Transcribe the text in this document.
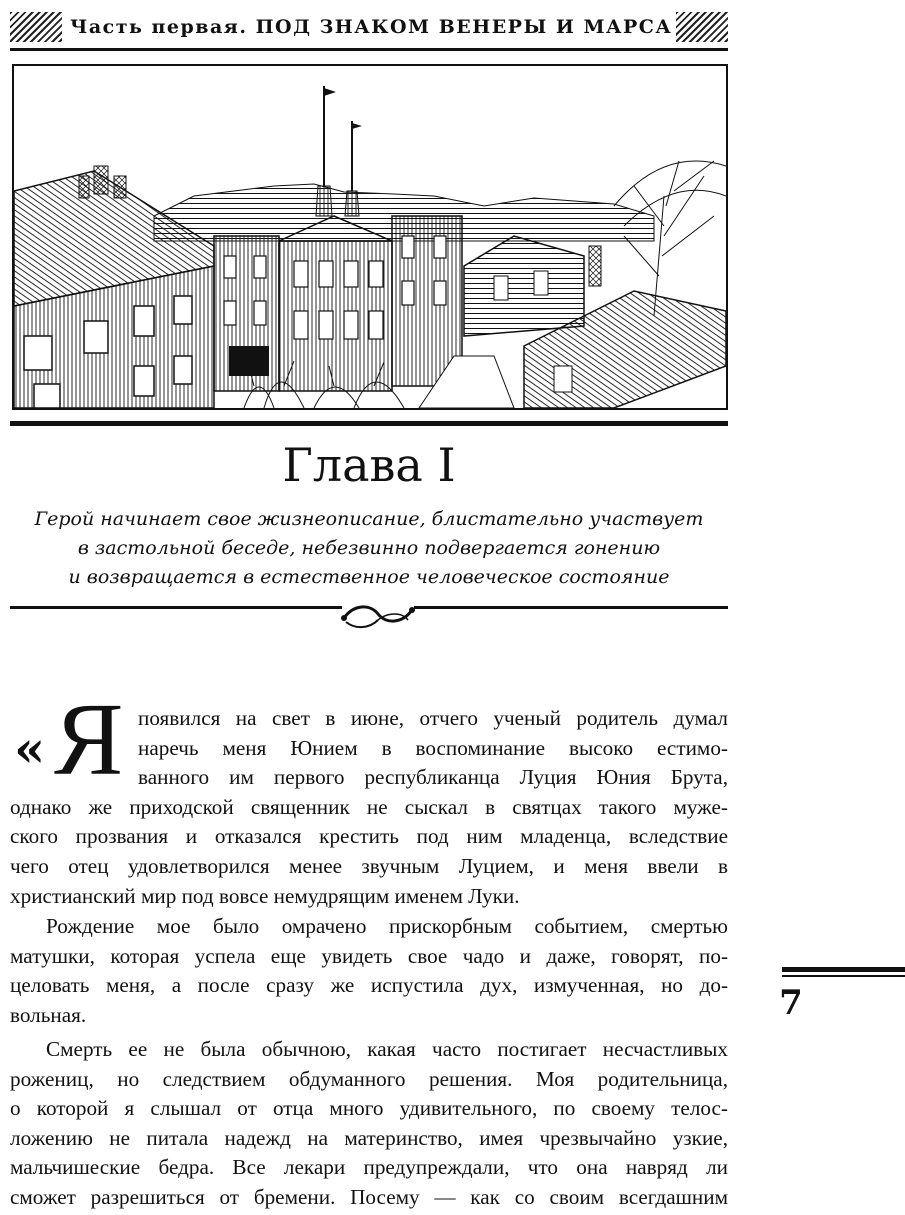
Часть первая. ПОД ЗНАКОМ ВЕНЕРЫ И МАРСА
Глава I
Герой начинает свое жизнеописание, блистательно участвует
в застольной беседе, небезвинно подвергается гонению
и возвращается в естественное человеческое состояние
« Я появился на свет в июне, отчего ученый родитель думал
наречь меня Юнием в воспоминание высоко естимо-
ванного им первого республиканца Луция Юния Брута,
однако же приходской священник не сыскал в святцах такого муже-
ского прозвания и отказался крестить под ним младенца, вследствие
чего отец удовлетворился менее звучным Луцием, и меня ввели в
христианский мир под вовсе немудрящим именем Луки.
Рождение мое было омрачено прискорбным событием, смертью
матушки, которая успела еще увидеть свое чадо и даже, говорят, по-
целовать меня, а после сразу же испустила дух, измученная, но до-
вольная.
Смерть ее не была обычною, какая часто постигает несчастливых
рожениц, но следствием обдуманного решения. Моя родительница,
о которой я слышал от отца много удивительного, по своему телос-
ложению не питала надежд на материнство, имея чрезвычайно узкие,
мальчишеские бедра. Все лекари предупреждали, что она навряд ли
сможет разрешиться от бремени. Посему — как со своим всегдашним
7
